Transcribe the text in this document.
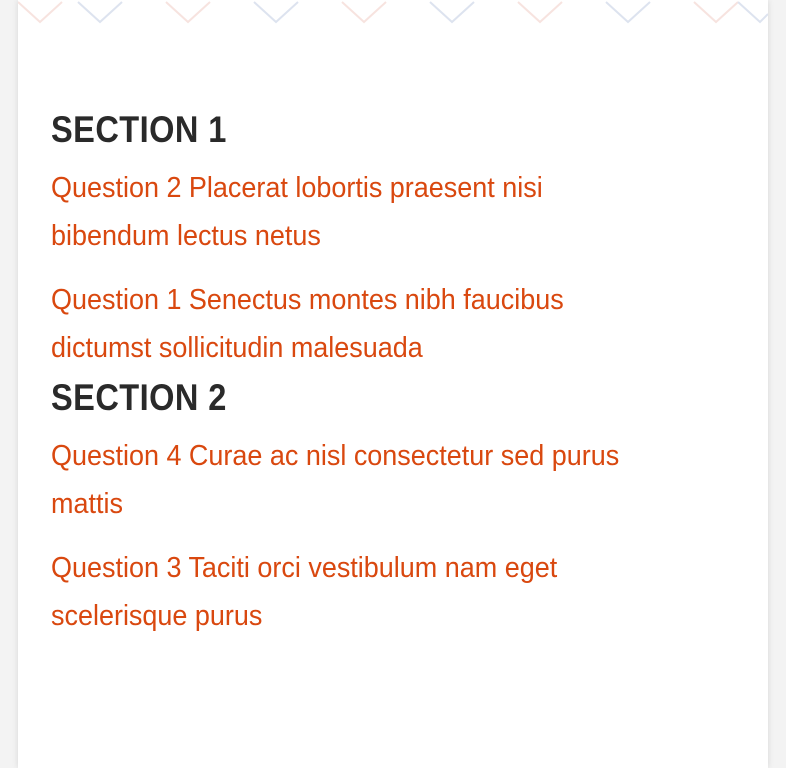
SECTION 1
Question 2 Placerat lobortis praesent nisi bibendum lectus netus
Question 1 Senectus montes nibh faucibus dictumst sollicitudin malesuada
SECTION 2
Question 4 Curae ac nisl consectetur sed purus mattis
Question 3 Taciti orci vestibulum nam eget scelerisque purus
